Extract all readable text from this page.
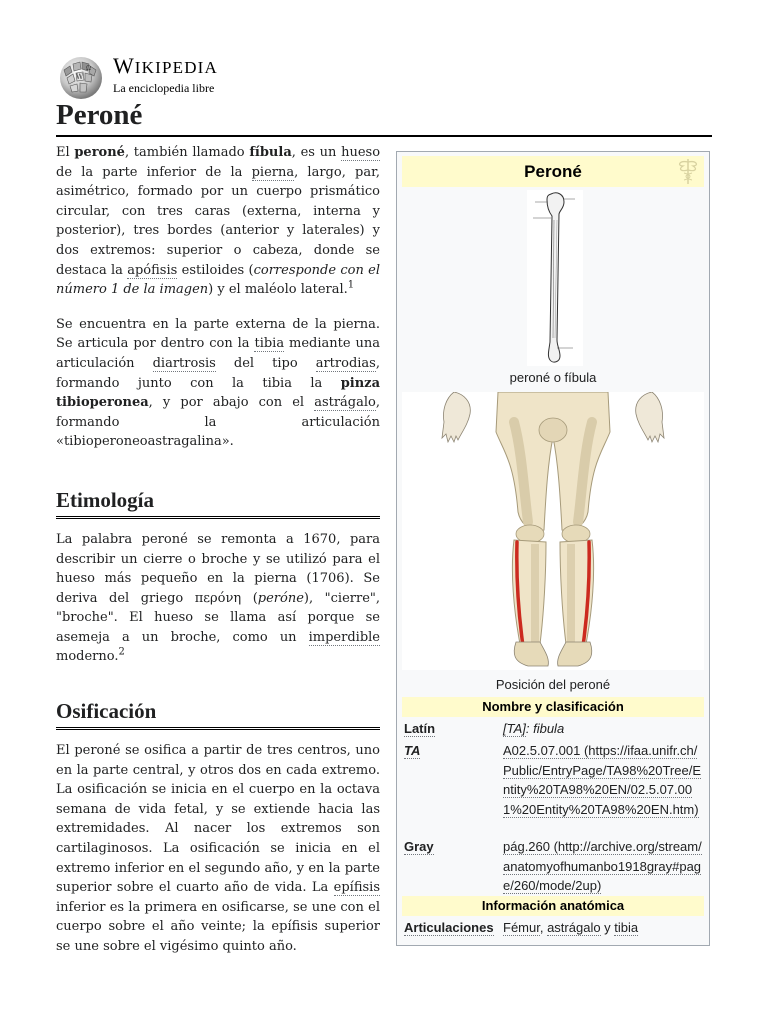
W
Ω WIKIPEDIA
La enciclopedia libre
Peroné

El peroné, también llamado fíbula, es un hueso de la parte inferior de la pierna, largo, par, asimétrico, formado por un cuerpo prismático circular, con tres caras (externa, interna y posterior), tres bordes (anterior y laterales) y dos extremos: superior o cabeza, donde se destaca la apófisis estiloides (corresponde con el número 1 de la imagen) y el maléolo lateral.$^1$

Se encuentra en la parte externa de la pierna. Se articula por dentro con la tibia mediante una articulación diartrosis del tipo artrodias, formando junto con la tibia la pinza tibioperonea, y por abajo con el astrágalo, formando la articulación «tibioperoneoastragalina».

Etimología

La palabra peroné se remonta a 1670, para describir un cierre o broche y se utilizó para el hueso más pequeño en la pierna (1706). Se deriva del griego περόνη (peróne), "cierre", "broche". El hueso se llama así porque se asemeja a un broche, como un imperdible moderno.$^2$

Osificación

El peroné se osifica a partir de tres centros, uno en la parte central, y otros dos en cada extremo. La osificación se inicia en el cuerpo en la octava semana de vida fetal, y se extiende hacia las extremidades. Al nacer los extremos son cartilaginosos. La osificación se inicia en el extremo inferior en el segundo año, y en la parte superior sobre el cuarto año de vida. La epífisis inferior es la primera en osificarse, se une con el cuerpo sobre el año veinte; la epífisis superior se une sobre el vigésimo quinto año.

Peroné
peroné o fíbula
Posición del peroné
Nombre y clasificación
Latín	[TA]: fibula
TA	A02.5.07.001 (https://ifaa.unifr.ch/Public/EntryPage/TA98%20Tree/Entity%20TA98%20EN/02.5.07.001%20Entity%20TA98%20EN.htm)
Gray	pág.260 (http://archive.org/stream/anatomyofhumanbo1918gray#page/260/mode/2up)
Información anatómica
Articulaciones Fémur, astrágalo y tibia
